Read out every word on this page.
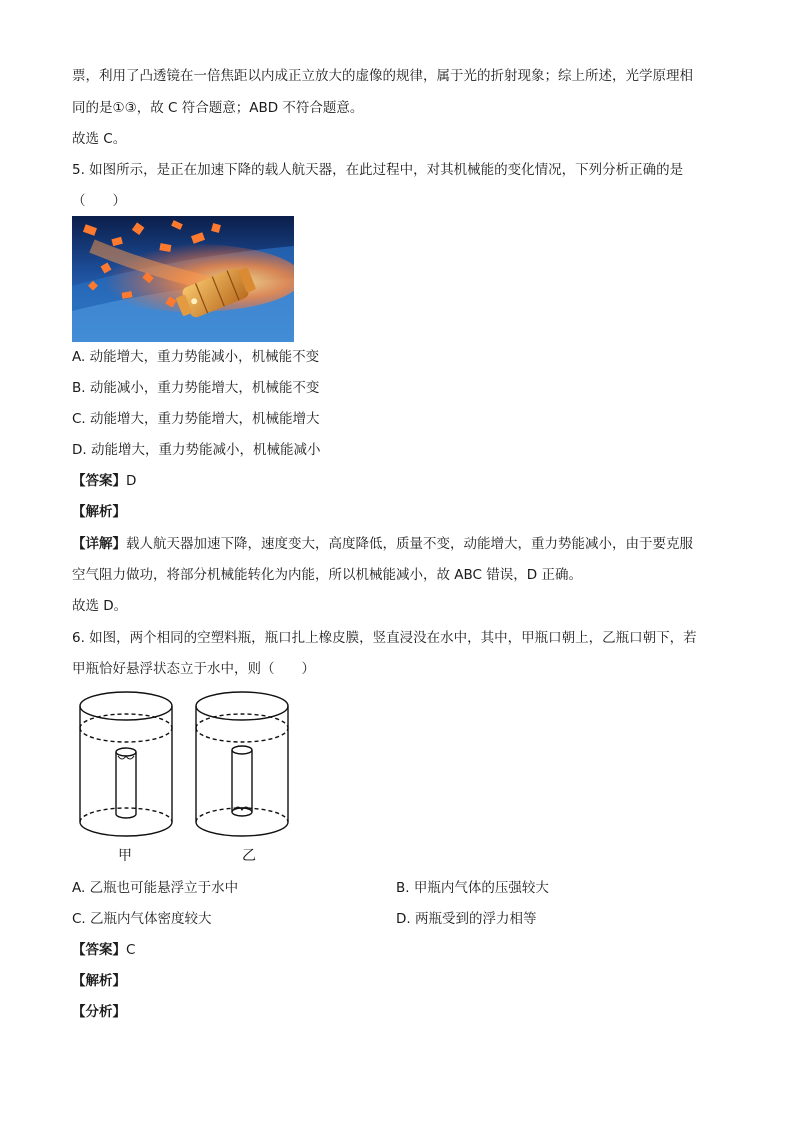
票，利用了凸透镜在一倍焦距以内成正立放大的虚像的规律，属于光的折射现象；综上所述，光学原理相
同的是①③，故 C 符合题意；ABD 不符合题意。
故选 C。
5. 如图所示，是正在加速下降的载人航天器，在此过程中，对其机械能的变化情况，下列分析正确的是
（　　）
A. 动能增大，重力势能减小，机械能不变
B. 动能减小，重力势能增大，机械能不变
C. 动能增大，重力势能增大，机械能增大
D. 动能增大，重力势能减小，机械能减小
【答案】D
【解析】
【详解】载人航天器加速下降，速度变大，高度降低，质量不变，动能增大，重力势能减小，由于要克服
空气阻力做功，将部分机械能转化为内能，所以机械能减小，故 ABC 错误，D 正确。
故选 D。
6. 如图，两个相同的空塑料瓶，瓶口扎上橡皮膜，竖直浸没在水中，其中，甲瓶口朝上，乙瓶口朝下，若
甲瓶恰好悬浮状态立于水中，则（　　）
甲	乙
A. 乙瓶也可能悬浮立于水中	B. 甲瓶内气体的压强较大
C. 乙瓶内气体密度较大	D. 两瓶受到的浮力相等
【答案】C
【解析】
【分析】
